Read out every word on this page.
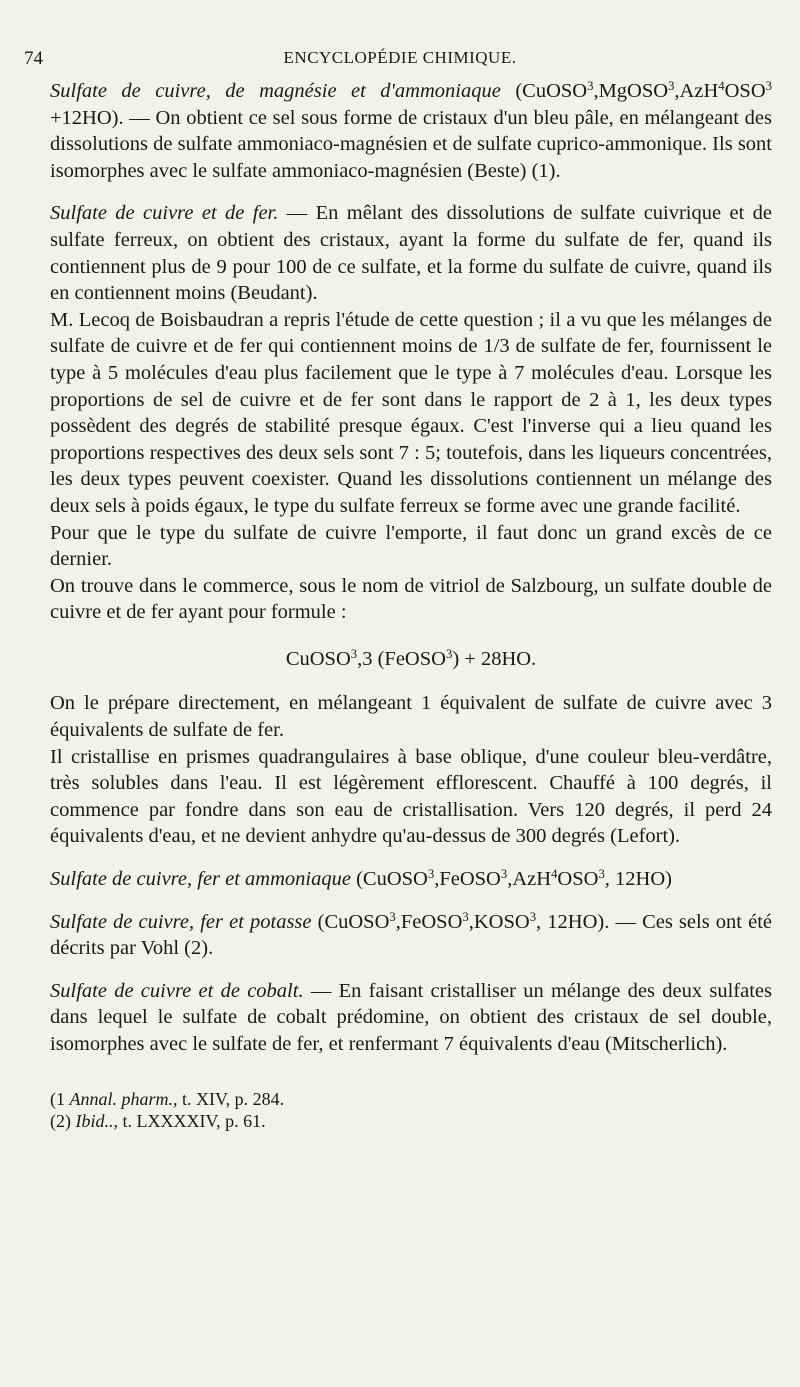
74	ENCYCLOPÉDIE CHIMIQUE.

Sulfate de cuivre, de magnésie et d'ammoniaque $(CuOSO^3,MgOSO^3,AzH^4OSO^3 +12HO)$. — On obtient ce sel sous forme de cristaux d'un bleu pâle, en mélangeant des dissolutions de sulfate ammoniaco-magnésien et de sulfate cuprico-ammonique. Ils sont isomorphes avec le sulfate ammoniaco-magnésien (Beste) (1).

Sulfate de cuivre et de fer. — En mêlant des dissolutions de sulfate cuivrique et de sulfate ferreux, on obtient des cristaux, ayant la forme du sulfate de fer, quand ils contiennent plus de 9 pour 100 de ce sulfate, et la forme du sulfate de cuivre, quand ils en contiennent moins (Beudant).

M. Lecoq de Boisbaudran a repris l'étude de cette question ; il a vu que les mélanges de sulfate de cuivre et de fer qui contiennent moins de 1/3 de sulfate de fer, fournissent le type à 5 molécules d'eau plus facilement que le type à 7 molécules d'eau. Lorsque les proportions de sel de cuivre et de fer sont dans le rapport de 2 à 1, les deux types possèdent des degrés de stabilité presque égaux. C'est l'inverse qui a lieu quand les proportions respectives des deux sels sont 7 : 5; toutefois, dans les liqueurs concentrées, les deux types peuvent coexister. Quand les dissolutions contiennent un mélange des deux sels à poids égaux, le type du sulfate ferreux se forme avec une grande facilité.

Pour que le type du sulfate de cuivre l'emporte, il faut donc un grand excès de ce dernier.

On trouve dans le commerce, sous le nom de vitriol de Salzbourg, un sulfate double de cuivre et de fer ayant pour formule :

CuOSO$^3$,3 (FeOSO$^3$) + 28HO.

On le prépare directement, en mélangeant 1 équivalent de sulfate de cuivre avec 3 équivalents de sulfate de fer.

Il cristallise en prismes quadrangulaires à base oblique, d'une couleur bleu-verdâtre, très solubles dans l'eau. Il est légèrement efflorescent. Chauffé à 100 degrés, il commence par fondre dans son eau de cristallisation. Vers 120 degrés, il perd 24 équivalents d'eau, et ne devient anhydre qu'au-dessus de 300 degrés (Lefort).

Sulfate de cuivre, fer et ammoniaque (CuOSO$^3$,FeOSO$^3$,AzH$^4$OSO$^3$, 12HO)

Sulfate de cuivre, fer et potasse (CuOSO$^3$,FeOSO$^3$,KOSO$^3$, 12HO). — Ces sels ont été décrits par Vohl (2).

Sulfate de cuivre et de cobalt. — En faisant cristalliser un mélange des deux sulfates dans lequel le sulfate de cobalt prédomine, on obtient des cristaux de sel double, isomorphes avec le sulfate de fer, et renfermant 7 équivalents d'eau (Mitscherlich).

(1 Annal. pharm., t. XIV, p. 284.
(2) Ibid.., t. LXXXXIV, p. 61.
